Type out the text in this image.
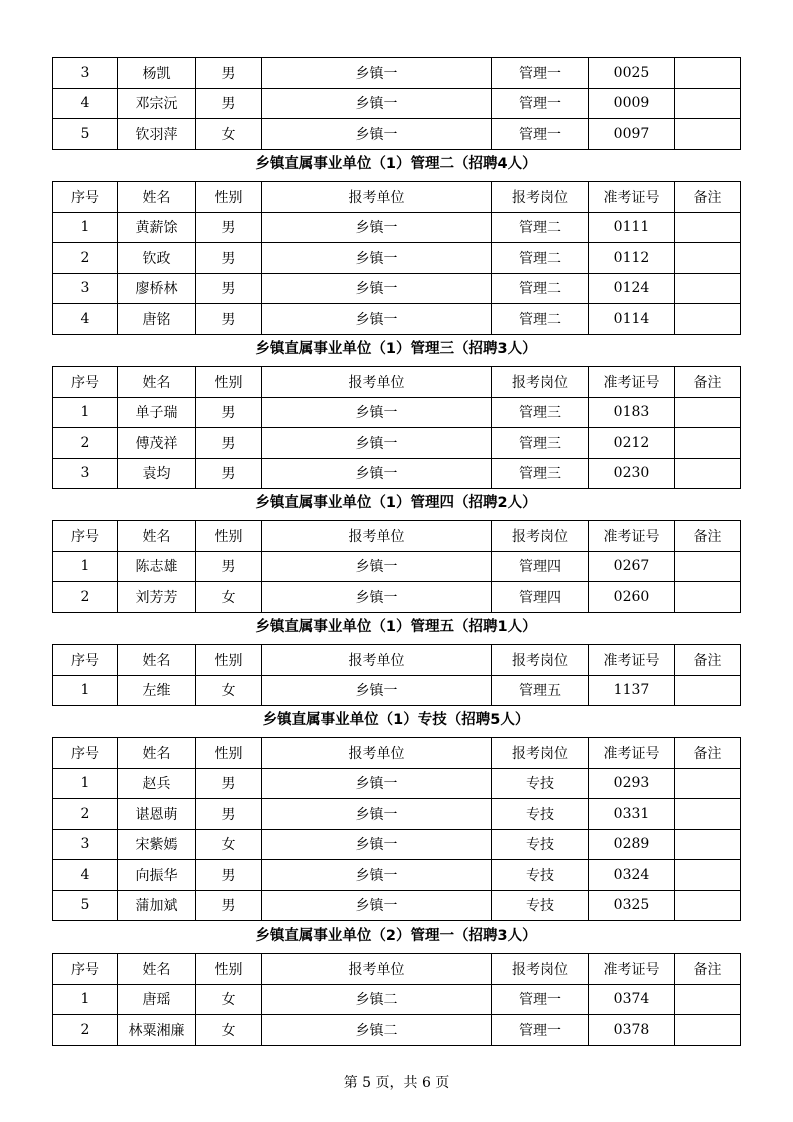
3	杨凯	男	乡镇一	管理一	0025	
4	邓宗沅	男	乡镇一	管理一	0009	
5	钦羽萍	女	乡镇一	管理一	0097	
乡镇直属事业单位（1）管理二（招聘4人）
序号	姓名	性别	报考单位	报考岗位	准考证号	备注
1	黄薪馀	男	乡镇一	管理二	0111	
2	钦政	男	乡镇一	管理二	0112	
3	廖桥林	男	乡镇一	管理二	0124	
4	唐铭	男	乡镇一	管理二	0114	
乡镇直属事业单位（1）管理三（招聘3人）
序号	姓名	性别	报考单位	报考岗位	准考证号	备注
1	单子瑞	男	乡镇一	管理三	0183	
2	傅茂祥	男	乡镇一	管理三	0212	
3	袁均	男	乡镇一	管理三	0230	
乡镇直属事业单位（1）管理四（招聘2人）
序号	姓名	性别	报考单位	报考岗位	准考证号	备注
1	陈志雄	男	乡镇一	管理四	0267	
2	刘芳芳	女	乡镇一	管理四	0260	
乡镇直属事业单位（1）管理五（招聘1人）
序号	姓名	性别	报考单位	报考岗位	准考证号	备注
1	左维	女	乡镇一	管理五	1137	
乡镇直属事业单位（1）专技（招聘5人）
序号	姓名	性别	报考单位	报考岗位	准考证号	备注
1	赵兵	男	乡镇一	专技	0293	
2	谌恩萌	男	乡镇一	专技	0331	
3	宋紫嫣	女	乡镇一	专技	0289	
4	向振华	男	乡镇一	专技	0324	
5	蒲加斌	男	乡镇一	专技	0325	
乡镇直属事业单位（2）管理一（招聘3人）
序号	姓名	性别	报考单位	报考岗位	准考证号	备注
1	唐瑶	女	乡镇二	管理一	0374	
2	林粟湘廉	女	乡镇二	管理一	0378	
第 5 页，共 6 页
